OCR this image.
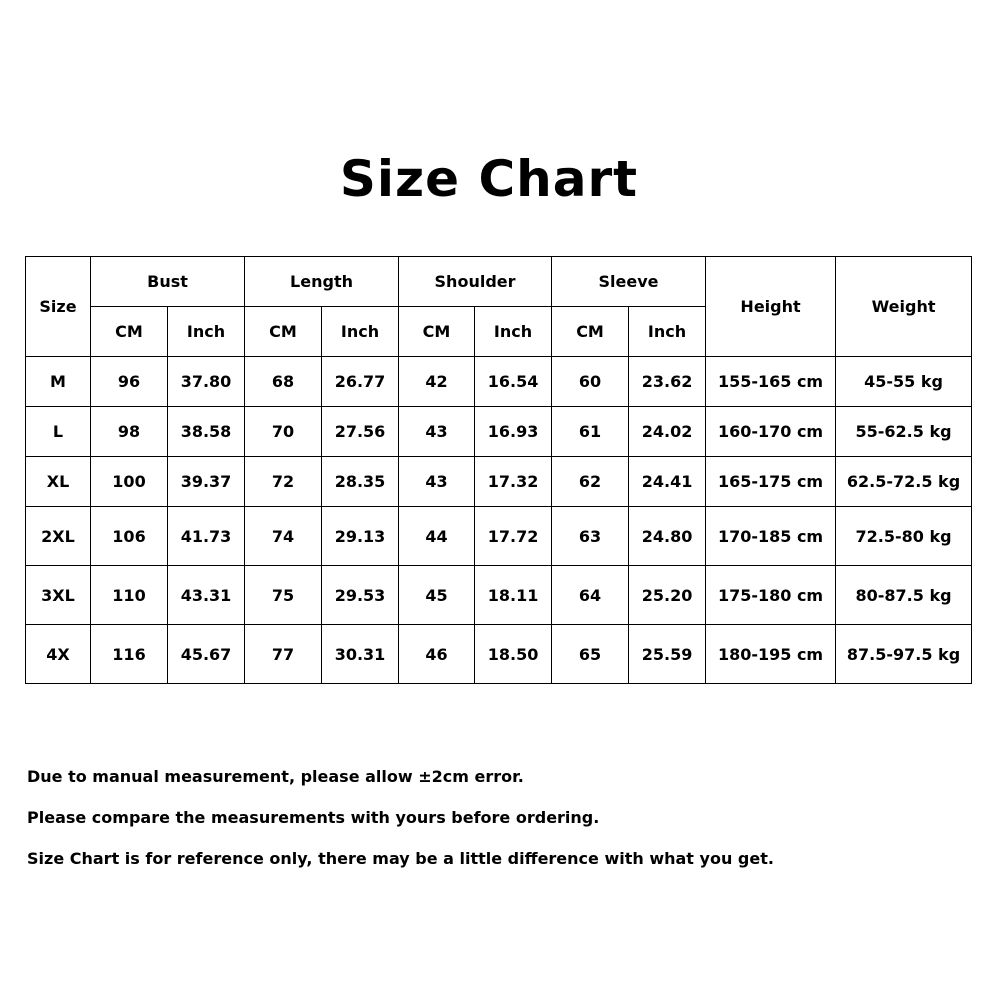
Size Chart
Size	Bust		Length		Shoulder		Sleeve		Height	Weight
	CM	Inch	CM	Inch	CM	Inch	CM	Inch		
M	96	37.80	68	26.77	42	16.54	60	23.62	155-165 cm	45-55 kg
L	98	38.58	70	27.56	43	16.93	61	24.02	160-170 cm	55-62.5 kg
XL	100	39.37	72	28.35	43	17.32	62	24.41	165-175 cm	62.5-72.5 kg
2XL	106	41.73	74	29.13	44	17.72	63	24.80	170-185 cm	72.5-80 kg
3XL	110	43.31	75	29.53	45	18.11	64	25.20	175-180 cm	80-87.5 kg
4X	116	45.67	77	30.31	46	18.50	65	25.59	180-195 cm	87.5-97.5 kg
Due to manual measurement, please allow ±2cm error.
Please compare the measurements with yours before ordering.
Size Chart is for reference only, there may be a little difference with what you get.
